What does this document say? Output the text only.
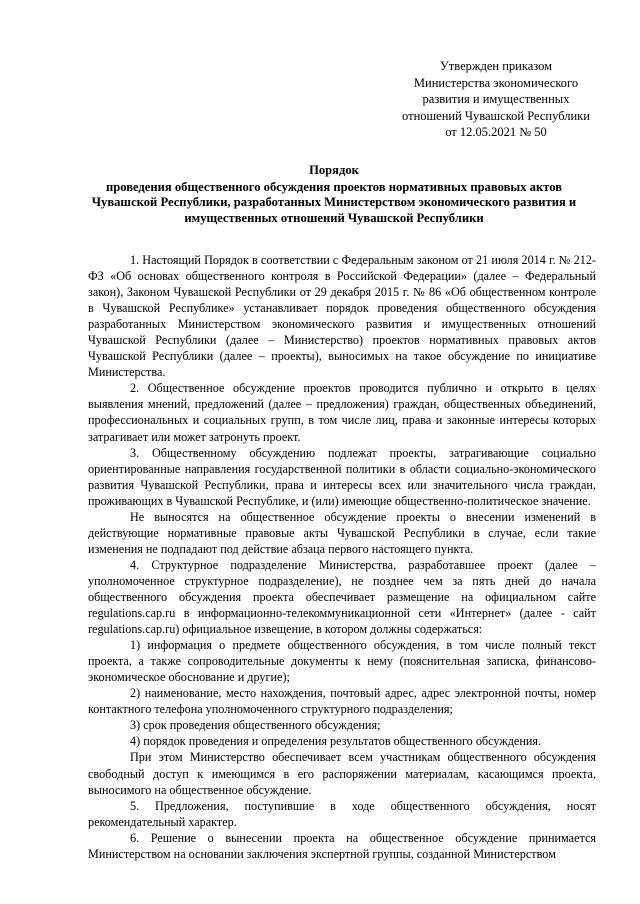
Утвержден приказом
Министерства экономического
развития и имущественных
отношений Чувашской Республики
от 12.05.2021 № 50
Порядок
проведения общественного обсуждения проектов нормативных правовых актов
Чувашской Республики, разработанных Министерством экономического развития и
имущественных отношений Чувашской Республики

1. Настоящий Порядок в соответствии с Федеральным законом от 21 июля 2014 г. № 212-ФЗ «Об основах общественного контроля в Российской Федерации» (далее – Федеральный закон), Законом Чувашской Республики от 29 декабря 2015 г. № 86 «Об общественном контроле в Чувашской Республике» устанавливает порядок проведения общественного обсуждения разработанных Министерством экономического развития и имущественных отношений Чувашской Республики (далее – Министерство) проектов нормативных правовых актов Чувашской Республики (далее – проекты), выносимых на такое обсуждение по инициативе Министерства.

2. Общественное обсуждение проектов проводится публично и открыто в целях выявления мнений, предложений (далее – предложения) граждан, общественных объединений, профессиональных и социальных групп, в том числе лиц, права и законные интересы которых затрагивает или может затронуть проект.

3. Общественному обсуждению подлежат проекты, затрагивающие социально ориентированные направления государственной политики в области социально-экономического развития Чувашской Республики, права и интересы всех или значительного числа граждан, проживающих в Чувашской Республике, и (или) имеющие общественно-политическое значение.

Не выносятся на общественное обсуждение проекты о внесении изменений в действующие нормативные правовые акты Чувашской Республики в случае, если такие изменения не подпадают под действие абзаца первого настоящего пункта.

4. Структурное подразделение Министерства, разработавшее проект (далее – уполномоченное структурное подразделение), не позднее чем за пять дней до начала общественного обсуждения проекта обеспечивает размещение на официальном сайте regulations.cap.ru в информационно-телекоммуникационной сети «Интернет» (далее - сайт regulations.cap.ru) официальное извещение, в котором должны содержаться:

1) информация о предмете общественного обсуждения, в том числе полный текст проекта, а также сопроводительные документы к нему (пояснительная записка, финансово-экономическое обоснование и другие);

2) наименование, место нахождения, почтовый адрес, адрес электронной почты, номер контактного телефона уполномоченного структурного подразделения;

3) срок проведения общественного обсуждения;

4) порядок проведения и определения результатов общественного обсуждения.

При этом Министерство обеспечивает всем участникам общественного обсуждения свободный доступ к имеющимся в его распоряжении материалам, касающимся проекта, выносимого на общественное обсуждение.

5. Предложения, поступившие в ходе общественного обсуждения, носят рекомендательный характер.

6. Решение о вынесении проекта на общественное обсуждение принимается Министерством на основании заключения экспертной группы, созданной Министерством
